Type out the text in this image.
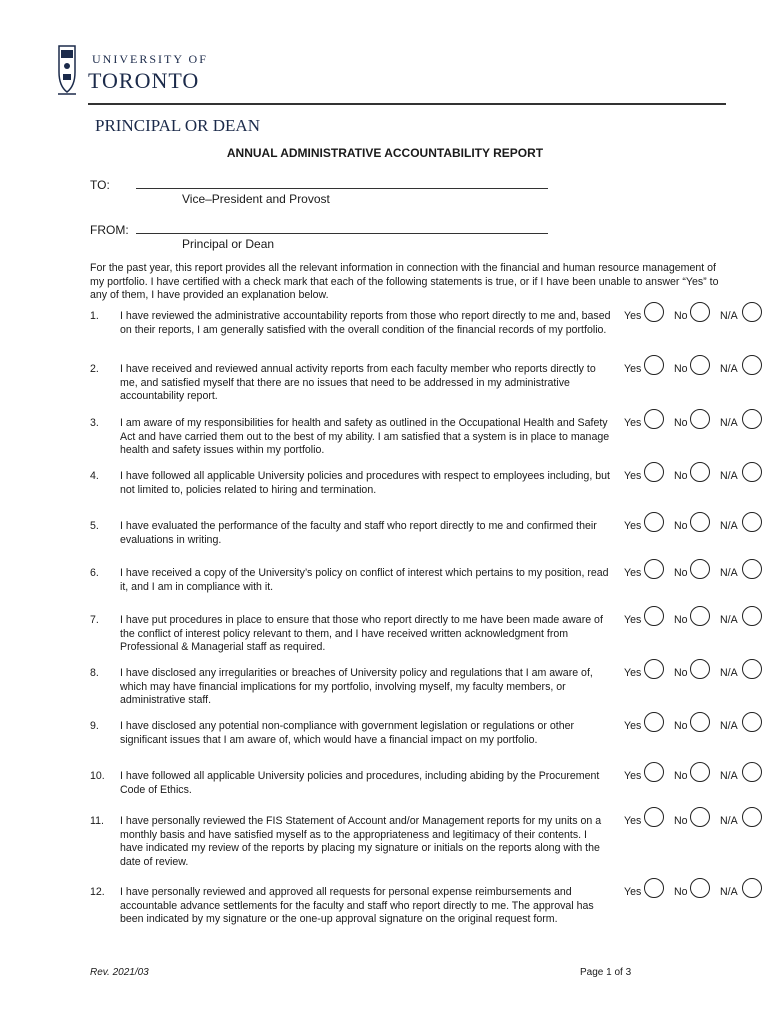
UNIVERSITY OF
TORONTO
PRINCIPAL OR DEAN
ANNUAL ADMINISTRATIVE ACCOUNTABILITY REPORT
TO:
Vice–President and Provost
FROM:
Principal or Dean
For the past year, this report provides all the relevant information in connection with the financial and human resource management of my portfolio. I have certified with a check mark that each of the following statements is true, or if I have been unable to answer “Yes” to any of them, I have provided an explanation below.
1. I have reviewed the administrative accountability reports from those who report directly to me and, based on their reports, I am generally satisfied with the overall condition of the financial records of my portfolio.
Yes	No	N/A
2. I have received and reviewed annual activity reports from each faculty member who reports directly to me, and satisfied myself that there are no issues that need to be addressed in my administrative accountability report.
Yes	No	N/A
3. I am aware of my responsibilities for health and safety as outlined in the Occupational Health and Safety Act and have carried them out to the best of my ability. I am satisfied that a system is in place to manage health and safety issues within my portfolio.
Yes	No	N/A
4. I have followed all applicable University policies and procedures with respect to employees including, but not limited to, policies related to hiring and termination.
Yes	No	N/A
5. I have evaluated the performance of the faculty and staff who report directly to me and confirmed their evaluations in writing.
Yes	No	N/A
6. I have received a copy of the University’s policy on conflict of interest which pertains to my position, read it, and I am in compliance with it.
Yes	No	N/A
7. I have put procedures in place to ensure that those who report directly to me have been made aware of the conflict of interest policy relevant to them, and I have received written acknowledgment from Professional & Managerial staff as required.
Yes	No	N/A
8. I have disclosed any irregularities or breaches of University policy and regulations that I am aware of, which may have financial implications for my portfolio, involving myself, my faculty members, or administrative staff.
Yes	No	N/A
9. I have disclosed any potential non-compliance with government legislation or regulations or other significant issues that I am aware of, which would have a financial impact on my portfolio.
Yes	No	N/A
10. I have followed all applicable University policies and procedures, including abiding by the Procurement Code of Ethics.
Yes	No	N/A
11. I have personally reviewed the FIS Statement of Account and/or Management reports for my units on a monthly basis and have satisfied myself as to the appropriateness and legitimacy of their contents. I have indicated my review of the reports by placing my signature or initials on the reports along with the date of review.
Yes	No	N/A
12. I have personally reviewed and approved all requests for personal expense reimbursements and accountable advance settlements for the faculty and staff who report directly to me. The approval has been indicated by my signature or the one-up approval signature on the original request form.
Yes	No	N/A
Rev. 2021/03	Page 1 of 3
